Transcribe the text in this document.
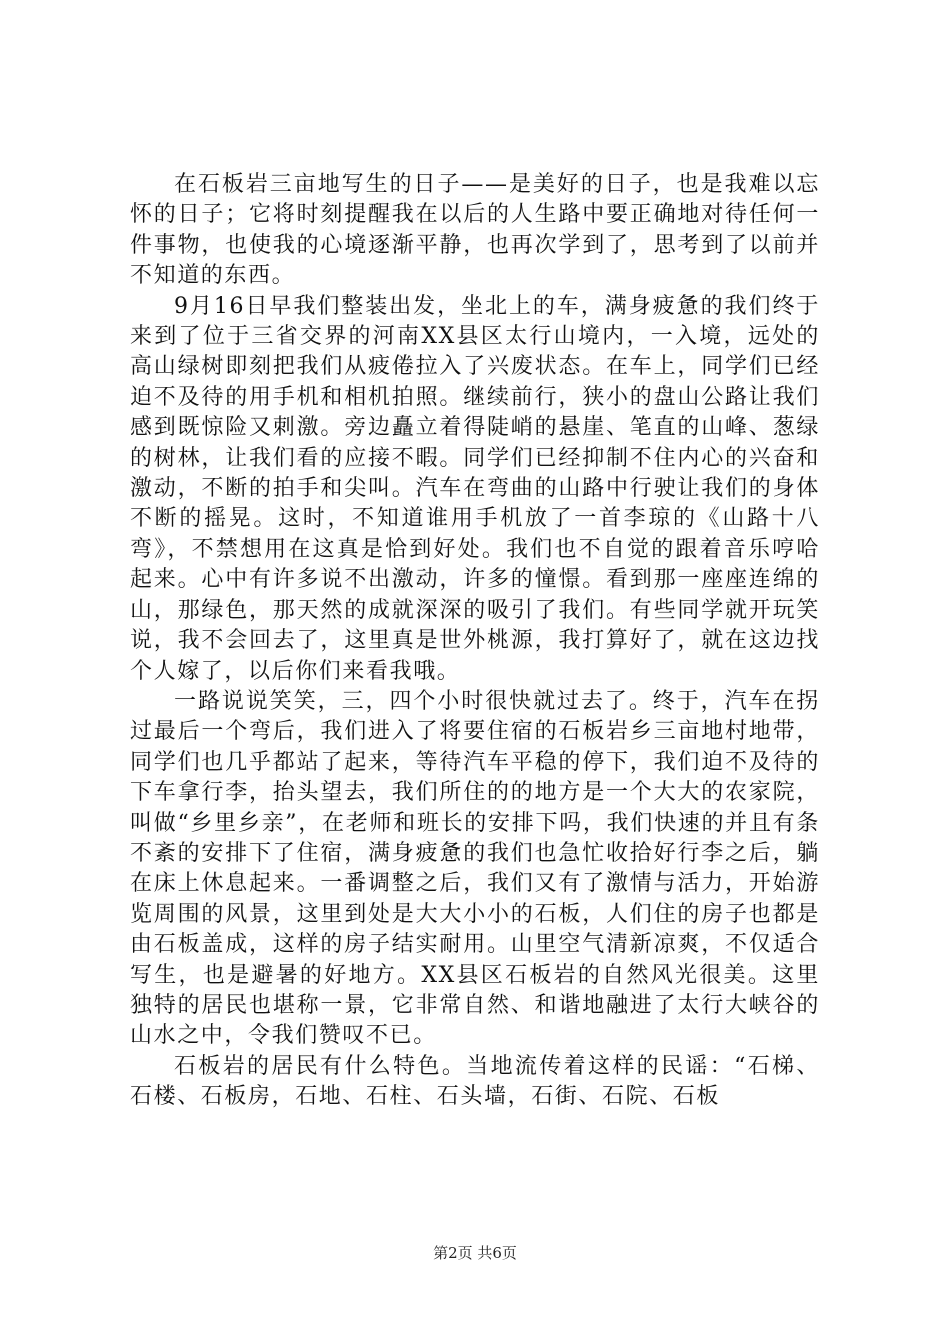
在石板岩三亩地写生的日子——是美好的日子，也是我难以忘怀的日子；它将时刻提醒我在以后的人生路中要正确地对待任何一件事物，也使我的心境逐渐平静，也再次学到了，思考到了以前并不知道的东西。

9月16日早我们整装出发，坐北上的车，满身疲惫的我们终于来到了位于三省交界的河南XX县区太行山境内，一入境，远处的高山绿树即刻把我们从疲倦拉入了兴废状态。在车上，同学们已经迫不及待的用手机和相机拍照。继续前行，狭小的盘山公路让我们感到既惊险又刺激。旁边矗立着得陡峭的悬崖、笔直的山峰、葱绿的树林，让我们看的应接不暇。同学们已经抑制不住内心的兴奋和激动，不断的拍手和尖叫。汽车在弯曲的山路中行驶让我们的身体不断的摇晃。这时，不知道谁用手机放了一首李琼的《山路十八弯》，不禁想用在这真是恰到好处。我们也不自觉的跟着音乐哼哈起来。心中有许多说不出激动，许多的憧憬。看到那一座座连绵的山，那绿色，那天然的成就深深的吸引了我们。有些同学就开玩笑说，我不会回去了，这里真是世外桃源，我打算好了，就在这边找个人嫁了，以后你们来看我哦。

一路说说笑笑，三，四个小时很快就过去了。终于，汽车在拐过最后一个弯后，我们进入了将要住宿的石板岩乡三亩地村地带，同学们也几乎都站了起来，等待汽车平稳的停下，我们迫不及待的下车拿行李，抬头望去，我们所住的的地方是一个大大的农家院，叫做“乡里乡亲”，在老师和班长的安排下吗，我们快速的并且有条不紊的安排下了住宿，满身疲惫的我们也急忙收拾好行李之后，躺在床上休息起来。一番调整之后，我们又有了激情与活力，开始游览周围的风景，这里到处是大大小小的石板，人们住的房子也都是由石板盖成，这样的房子结实耐用。山里空气清新凉爽，不仅适合写生，也是避暑的好地方。XX县区石板岩的自然风光很美。这里独特的居民也堪称一景，它非常自然、和谐地融进了太行大峡谷的山水之中，令我们赞叹不已。

石板岩的居民有什么特色。当地流传着这样的民谣：“石梯、石楼、石板房，石地、石柱、石头墙，石街、石院、石板

第2页 共6页
